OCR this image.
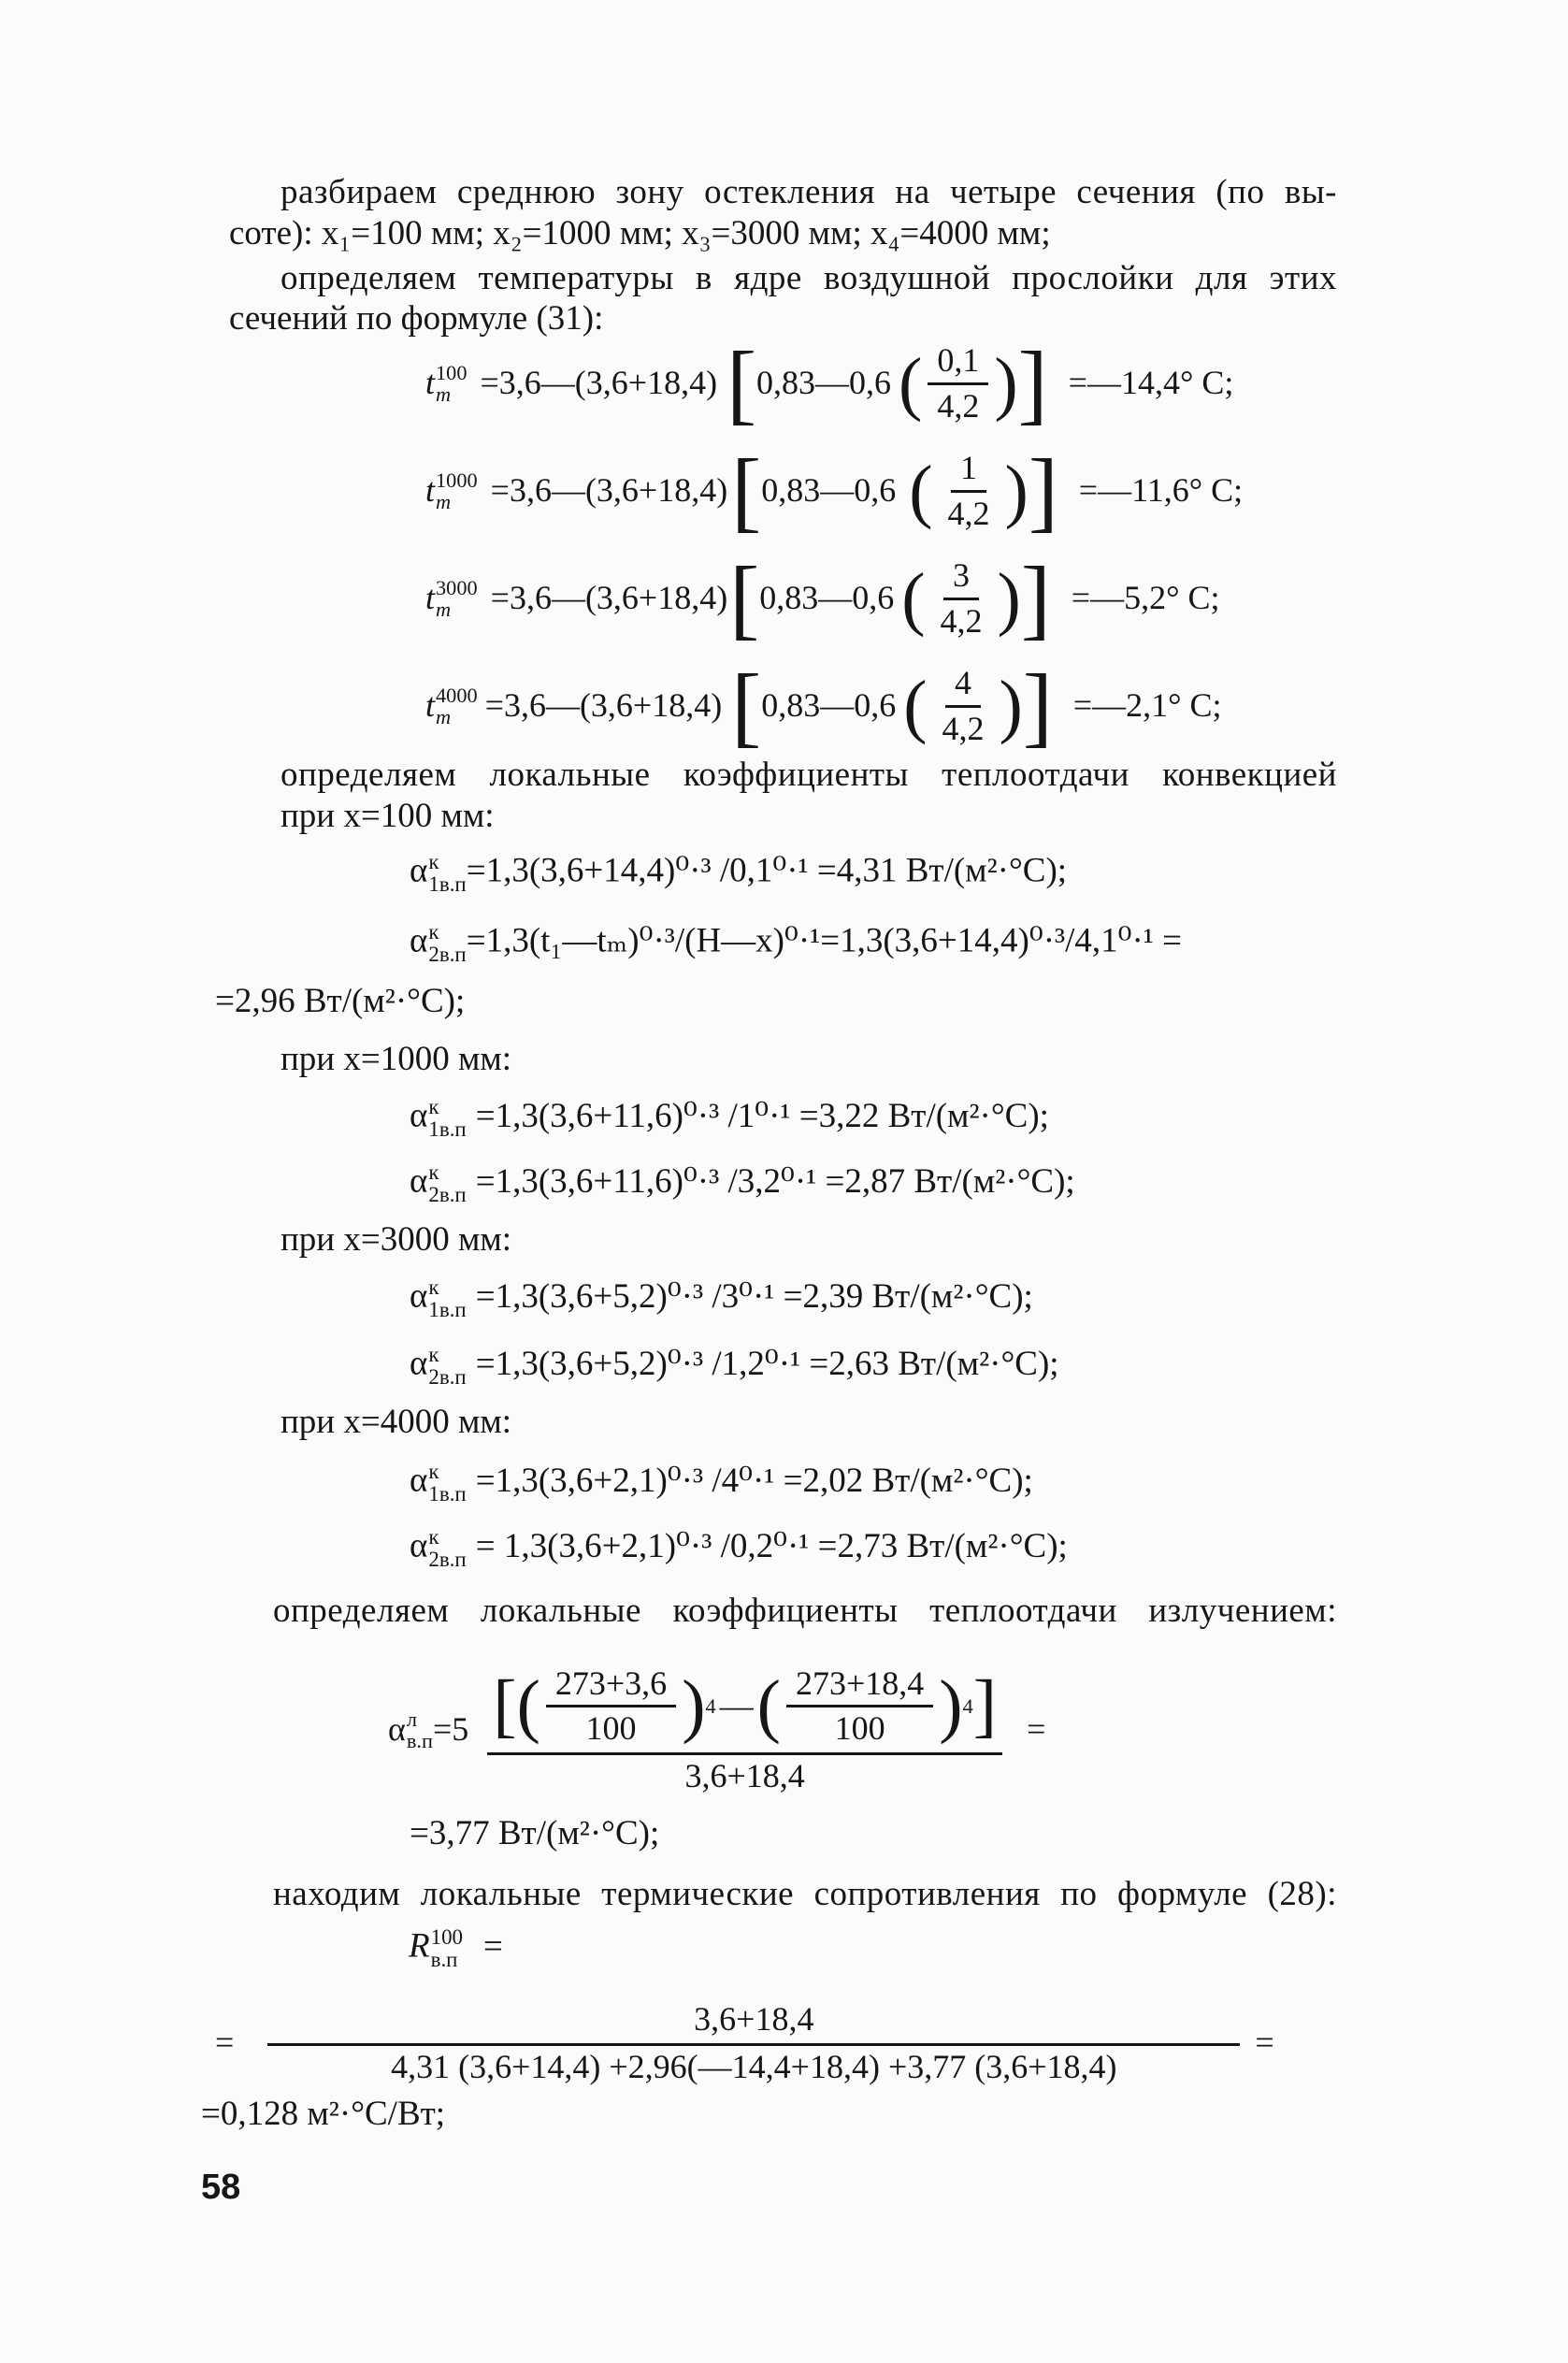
разбираем среднюю зону остекления на четыре сечения (по вы-
соте): x₁=100 мм; x₂=1000 мм; x₃=3000 мм; x₄=4000 мм;
определяем температуры в ядре воздушной прослойки для этих
сечений по формуле (31):
t 100
m =3,6—(3,6+18,4) [ 0,83—0,6 ( $\frac{0,1}{4,2}$ ) ] =—14,4° C;
t 1000
m	=3,6—(3,6+18,4) [ 0,83—0,6 ( $\frac{1}{4,2}$ ) ] =—11,6° C;
t 3000
m	=3,6—(3,6+18,4) [ 0,83—0,6 ( $\frac{3}{4,2}$ ) ] =—5,2° C;
t 4000
m	=3,6—(3,6+18,4) [ 0,83—0,6 ( $\frac{4}{4,2}$ ) ] =—2,1° C;
определяем локальные коэффициенты теплоотдачи конвекцией
при x=100 мм:
α к
1в.п =1,3(3,6+14,4)⁰·³ /0,1⁰·¹ =4,31 Вт/(м²·°C);
α к
2в.п =1,3(t₁—tₘ)⁰·³/(H—x)⁰·¹=1,3(3,6+14,4)⁰·³/4,1⁰·¹ =
=2,96 Вт/(м²·°C);
при x=1000 мм:
α к
1в.п =1,3(3,6+11,6)⁰·³ /1⁰·¹ =3,22 Вт/(м²·°C);
α к
2в.п =1,3(3,6+11,6)⁰·³ /3,2⁰·¹ =2,87 Вт/(м²·°C);
при x=3000 мм:
α к
1в.п =1,3(3,6+5,2)⁰·³ /3⁰·¹ =2,39 Вт/(м²·°C);
α к
2в.п =1,3(3,6+5,2)⁰·³ /1,2⁰·¹ =2,63 Вт/(м²·°C);
при x=4000 мм:
α к
1в.п =1,3(3,6+2,1)⁰·³ /4⁰·¹ =2,02 Вт/(м²·°C);
α к
2в.п = 1,3(3,6+2,1)⁰·³ /0,2⁰·¹ =2,73 Вт/(м²·°C);
определяем локальные коэффициенты теплоотдачи излучением:
α л
в.п =5 [ ( $\frac{273+3,6}{100}$ ) 4 — ( $\frac{273+18,4}{100}$ ) 4 ]
3,6+18,4
=
=3,77 Вт/(м²·°C);
находим локальные термические сопротивления по формуле (28):
R 100
в.п =
= $\frac{3,6+18,4}{4,31 (3,6+14,4) +2,96(—14,4+18,4) +3,77 (3,6+18,4)}$ =
=0,128 м²·°C/Вт;
58
